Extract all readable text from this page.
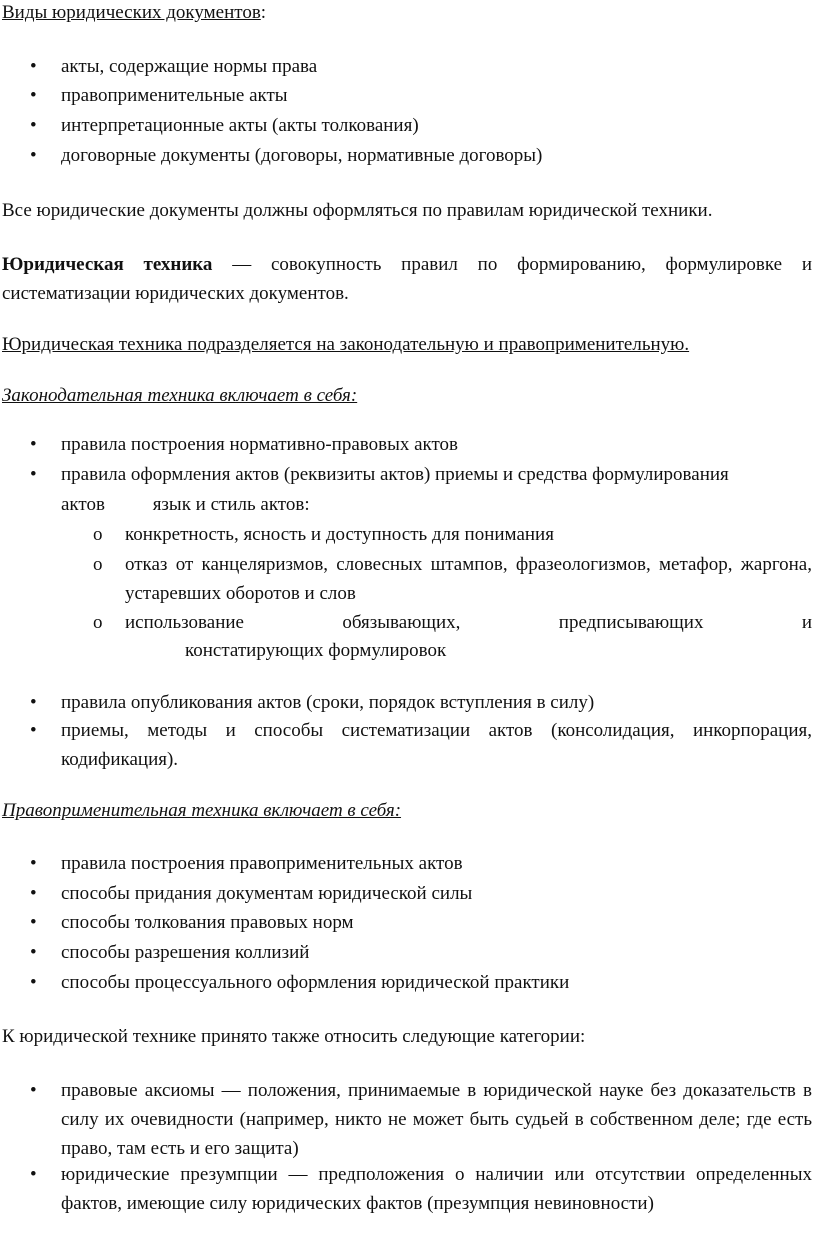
Виды юридических документов:
• акты, содержащие нормы права
• правоприменительные акты
• интерпретационные акты (акты толкования)
• договорные документы (договоры, нормативные договоры)
Все юридические документы должны оформляться по правилам юридической техники.
Юридическая техника — совокупность правил по формированию, формулировке и систематизации юридических документов.
Юридическая техника подразделяется на законодательную и правоприменительную.
Законодательная техника включает в себя:
• правила построения нормативно-правовых актов
• правила оформления актов (реквизиты актов) приемы и средства формулирования
актов язык и стиль актов:
o конкретность, ясность и доступность для понимания
o отказ от канцеляризмов, словесных штампов, фразеологизмов, метафор, жаргона, устаревших оборотов и слов
o использование обязывающих, предписывающих и
констатирующих формулировок
• правила опубликования актов (сроки, порядок вступления в силу)
• приемы, методы и способы систематизации актов (консолидация, инкорпорация, кодификация).
Правоприменительная техника включает в себя:
• правила построения правоприменительных актов
• способы придания документам юридической силы
• способы толкования правовых норм
• способы разрешения коллизий
• способы процессуального оформления юридической практики
К юридической технике принято также относить следующие категории:
• правовые аксиомы — положения, принимаемые в юридической науке без доказательств в силу их очевидности (например, никто не может быть судьей в собственном деле; где есть право, там есть и его защита)
• юридические презумпции — предположения о наличии или отсутствии определенных фактов, имеющие силу юридических фактов (презумпция невиновности)
